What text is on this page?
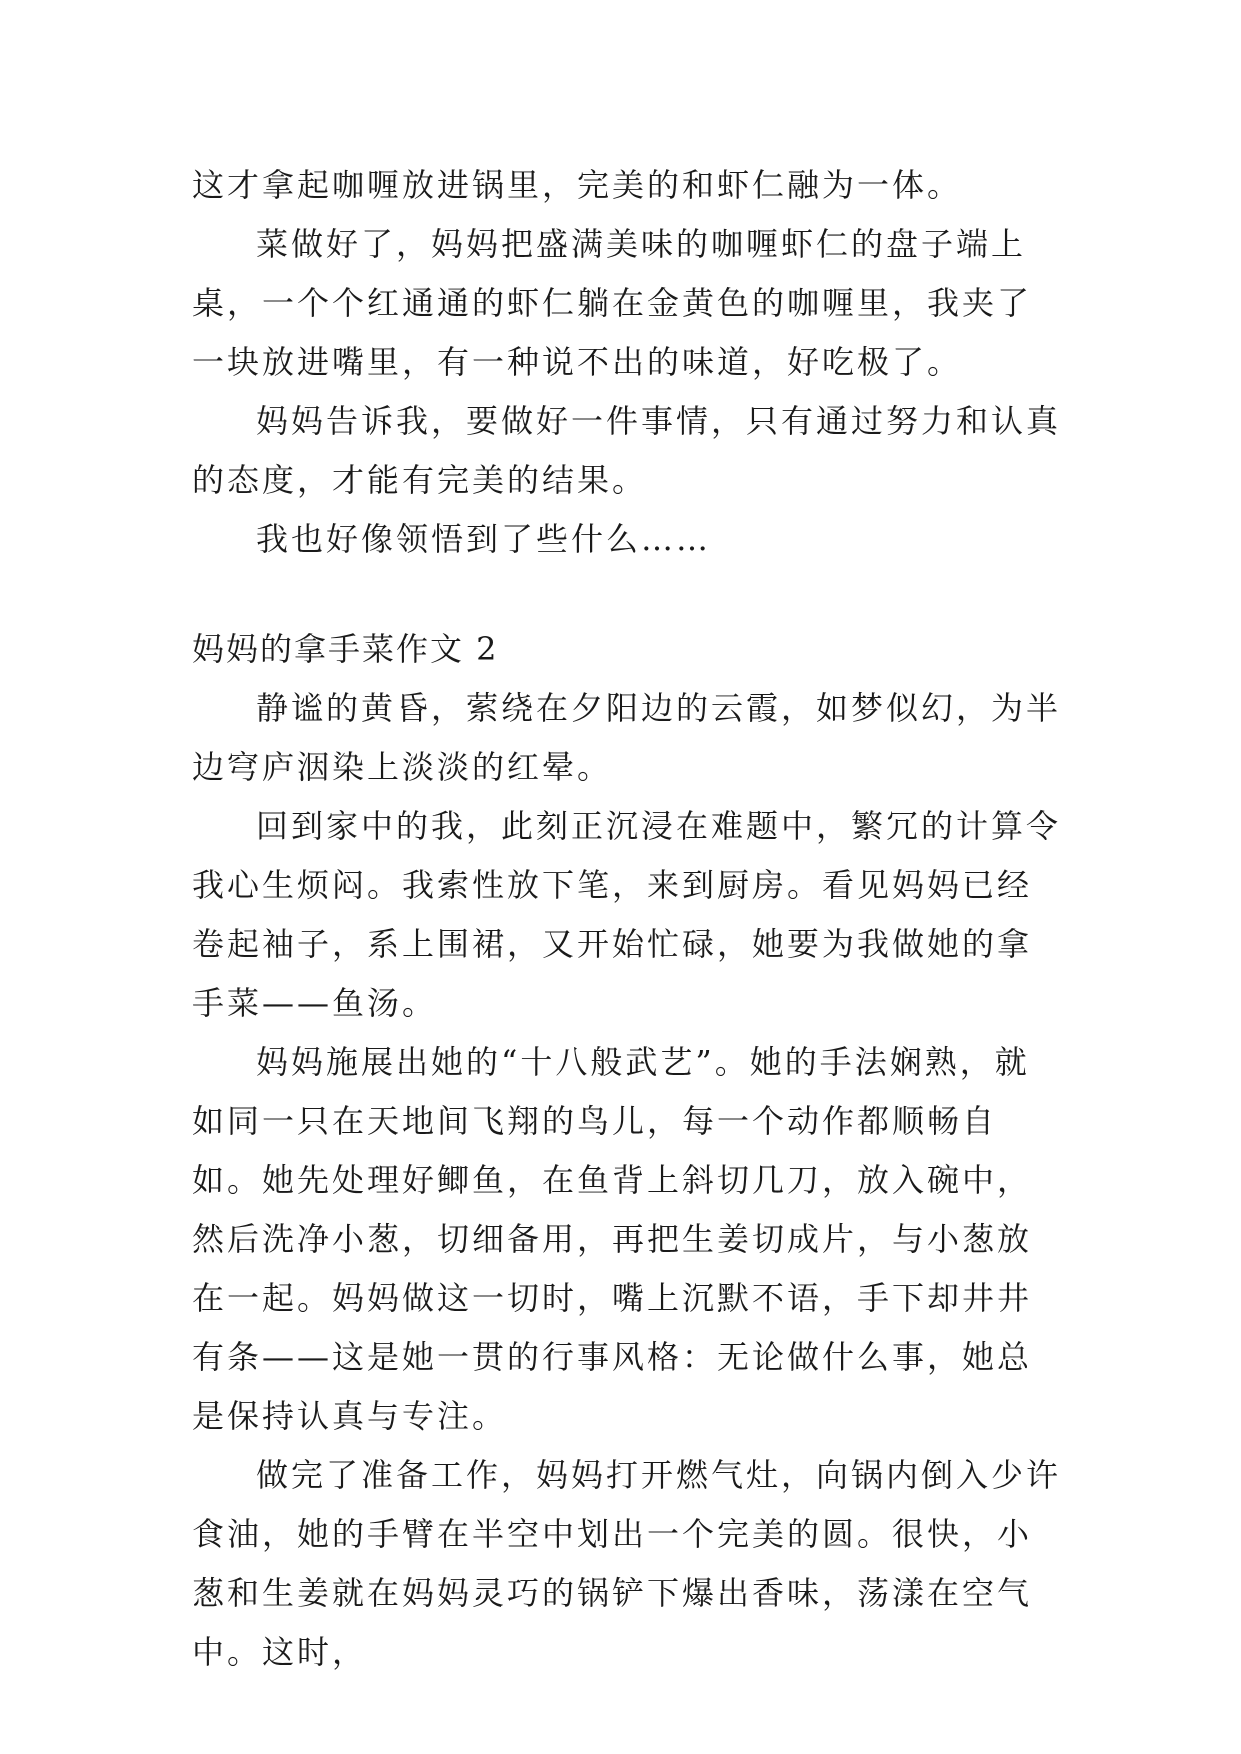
这才拿起咖喱放进锅里，完美的和虾仁融为一体。

菜做好了，妈妈把盛满美味的咖喱虾仁的盘子端上桌，一个个红通通的虾仁躺在金黄色的咖喱里，我夹了一块放进嘴里，有一种说不出的味道，好吃极了。

妈妈告诉我，要做好一件事情，只有通过努力和认真的态度，才能有完美的结果。

我也好像领悟到了些什么……

妈妈的拿手菜作文 2

静谧的黄昏，萦绕在夕阳边的云霞，如梦似幻，为半边穹庐洇染上淡淡的红晕。

回到家中的我，此刻正沉浸在难题中，繁冗的计算令我心生烦闷。我索性放下笔，来到厨房。看见妈妈已经卷起袖子，系上围裙，又开始忙碌，她要为我做她的拿手菜——鱼汤。

妈妈施展出她的“十八般武艺”。她的手法娴熟，就如同一只在天地间飞翔的鸟儿，每一个动作都顺畅自如。她先处理好鲫鱼，在鱼背上斜切几刀，放入碗中，然后洗净小葱，切细备用，再把生姜切成片，与小葱放在一起。妈妈做这一切时，嘴上沉默不语，手下却井井有条——这是她一贯的行事风格：无论做什么事，她总是保持认真与专注。

做完了准备工作，妈妈打开燃气灶，向锅内倒入少许食油，她的手臂在半空中划出一个完美的圆。很快，小葱和生姜就在妈妈灵巧的锅铲下爆出香味，荡漾在空气中。这时，
